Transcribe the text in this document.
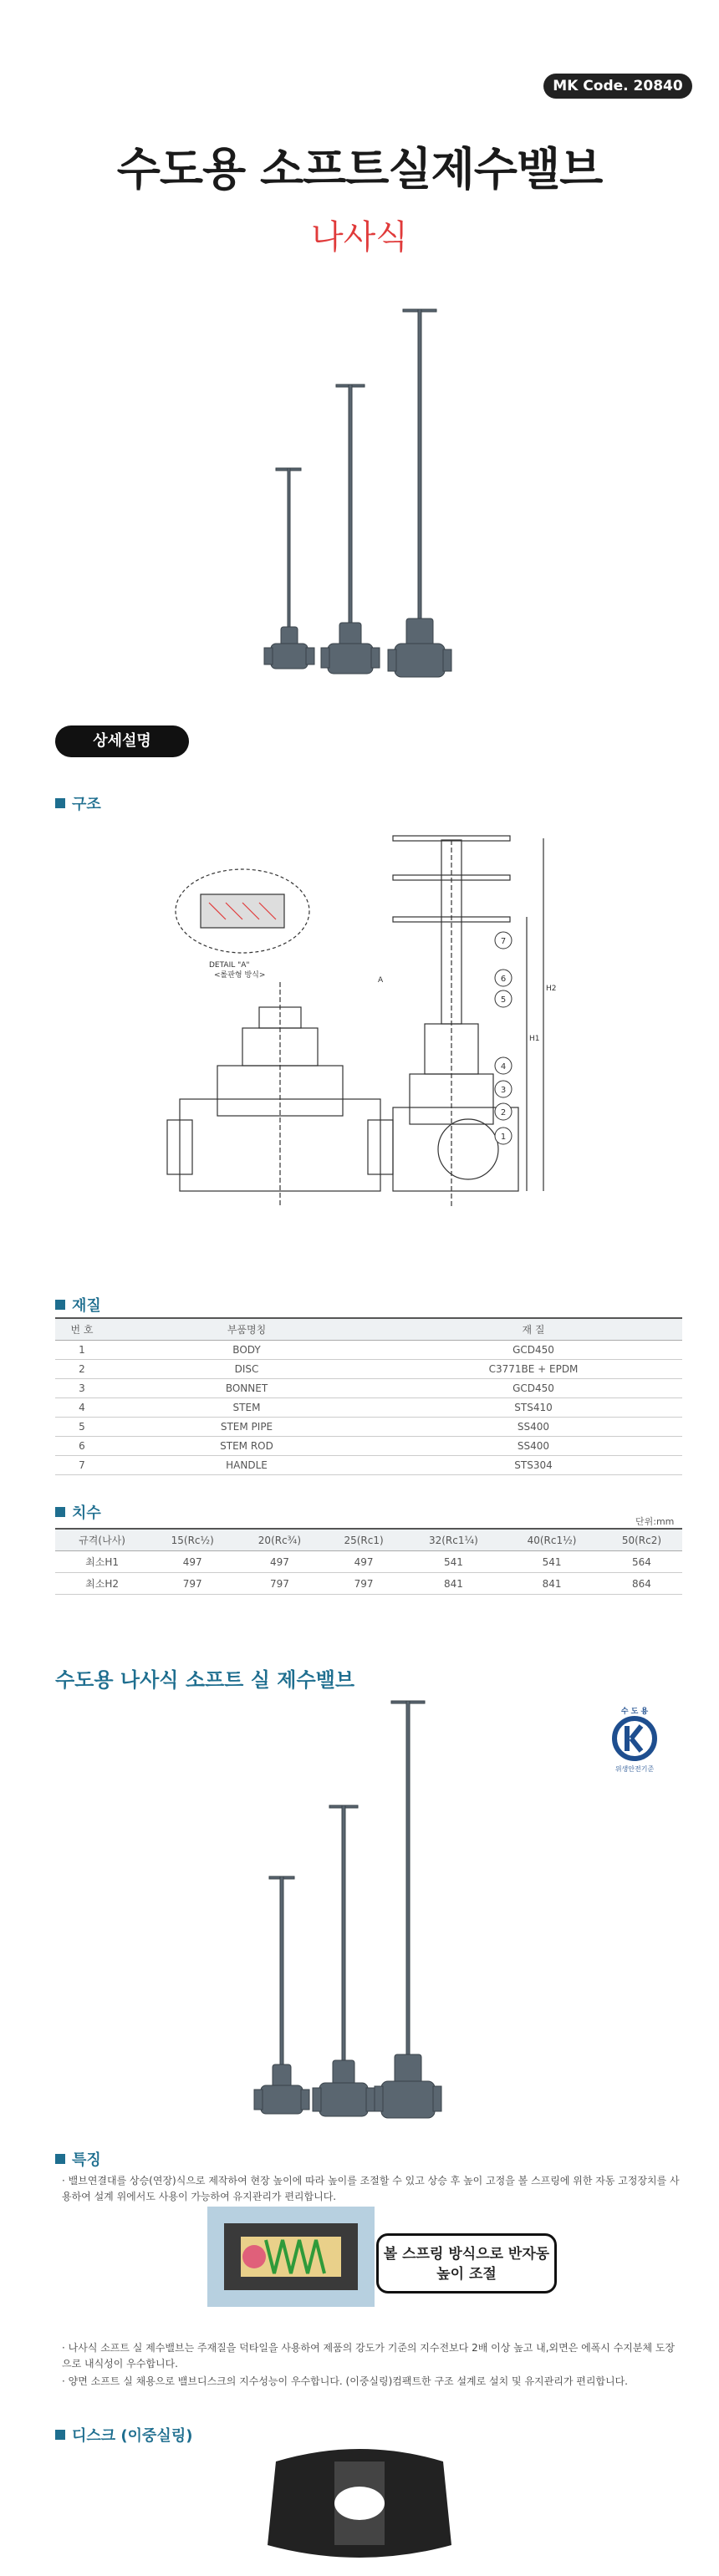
MK Code. 20840
수도용 소프트실제수밸브
나사식
상세설명
구조
DETAIL "A"
<롤판형 방식>
A
H2
H1
7
6
5
4
3
2
1
재질
번 호	부품명칭	재 질
1	BODY	GCD450
2	DISC	C3771BE + EPDM
3	BONNET	GCD450
4	STEM	STS410
5	STEM PIPE	SS400
6	STEM ROD	SS400
7	HANDLE	STS304
치수	단위:mm
규격(나사)	15(Rc½)	20(Rc¾)	25(Rc1)	32(Rc1¼)	40(Rc1½)	50(Rc2)
최소H1	497	497	497	541	541	564
최소H2	797	797	797	841	841	864
수도용 나사식 소프트 실 제수밸브
수 도 용
위생안전기준
특징
· 밸브연결대를 상승(연장)식으로 제작하여 현장 높이에 따라 높이를 조절할 수 있고 상승 후 높이 고정을 볼 스프링에 위한 자동 고정장치를 사용하여 설계 위에서도 사용이 가능하여 유지관리가 편리합니다.
볼 스프링 방식으로 반자동 높이 조절
· 나사식 소프트 실 제수밸브는 주재질을 덕타일을 사용하여 제품의 강도가 기준의 지수전보다 2배 이상 높고 내,외면은 에폭시 수지분체 도장으로 내식성이 우수합니다.
· 양면 소프트 실 채용으로 밸브디스크의 지수성능이 우수합니다. (이중실링)컴팩트한 구조 설계로 설치 및 유지관리가 편리합니다.
디스크 (이중실링)
